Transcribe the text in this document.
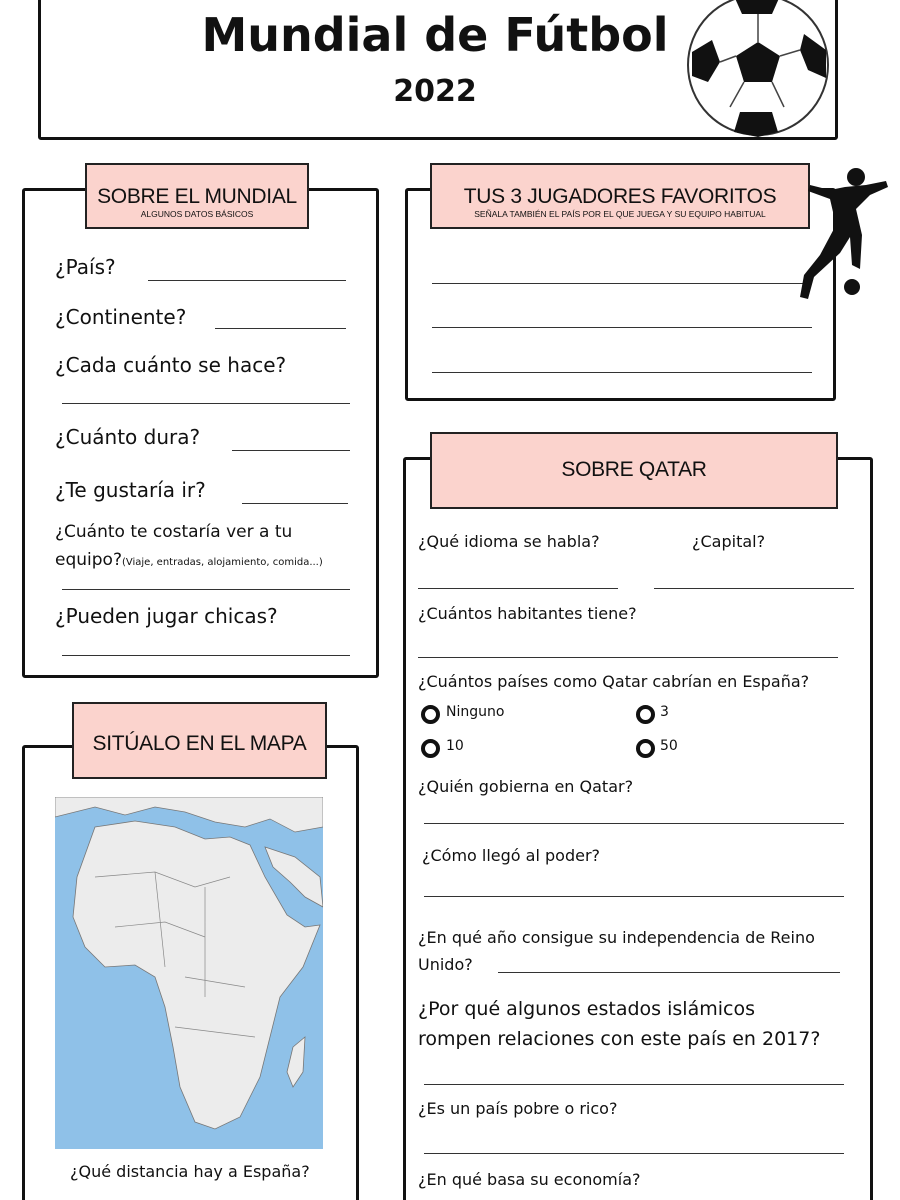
Mundial de Fútbol
2022
SOBRE EL MUNDIAL
ALGUNOS DATOS BÁSICOS
¿País?
¿Continente?
¿Cada cuánto se hace?
¿Cuánto dura?
¿Te gustaría ir?
¿Cuánto te costaría ver a tu
equipo?(Viaje, entradas, alojamiento, comida...)
¿Pueden jugar chicas?
TUS 3 JUGADORES FAVORITOS
SEÑALA TAMBIÉN EL PAÍS POR EL QUE JUEGA Y SU EQUIPO HABITUAL
SOBRE QATAR
¿Qué idioma se habla?	¿Capital?
¿Cuántos habitantes tiene?
¿Cuántos países como Qatar cabrían en España?
Ninguno	3
10	50
¿Quién gobierna en Qatar?
¿Cómo llegó al poder?
¿En qué año consigue su independencia de Reino
Unido?
¿Por qué algunos estados islámicos
rompen relaciones con este país en 2017?
¿Es un país pobre o rico?
¿En qué basa su economía?
SITÚALO EN EL MAPA
¿Qué distancia hay a España?
